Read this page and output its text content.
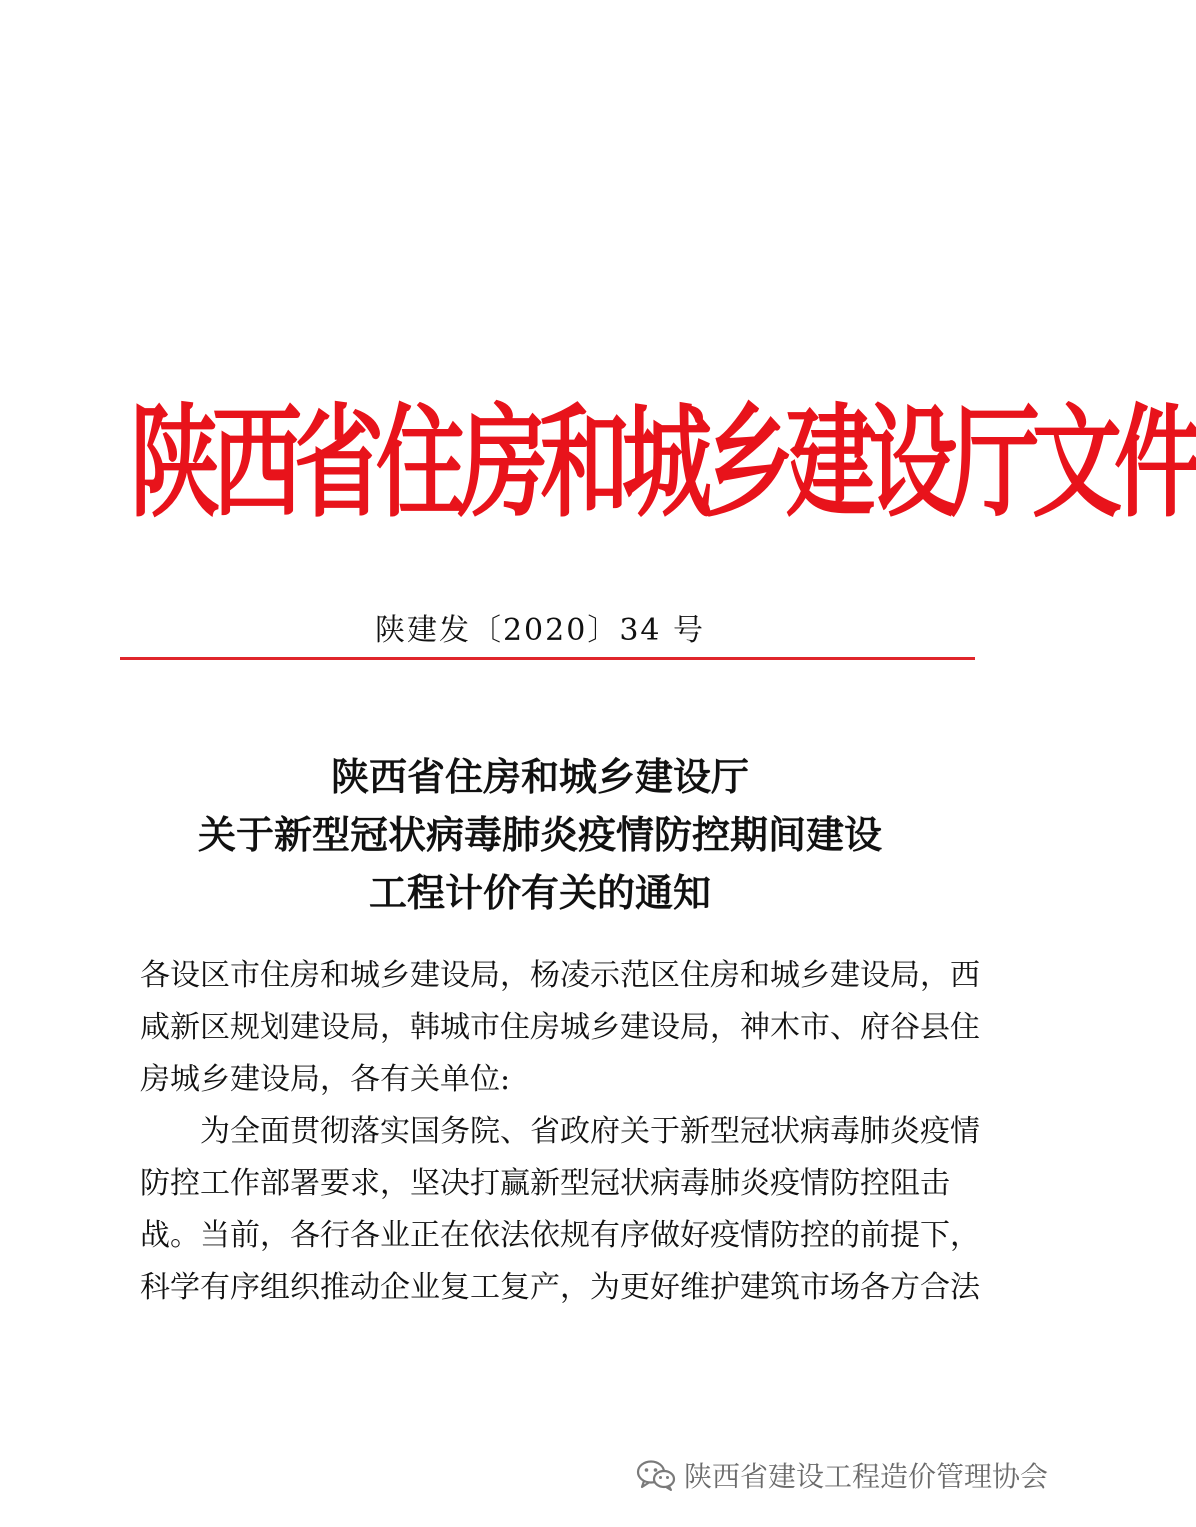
陕西省住房和城乡建设厅文件
陕建发〔2020〕34 号
陕西省住房和城乡建设厅
关于新型冠状病毒肺炎疫情防控期间建设
工程计价有关的通知
各设区市住房和城乡建设局，杨凌示范区住房和城乡建设局，西
咸新区规划建设局，韩城市住房城乡建设局，神木市、府谷县住
房城乡建设局，各有关单位:
为全面贯彻落实国务院、省政府关于新型冠状病毒肺炎疫情
防控工作部署要求，坚决打赢新型冠状病毒肺炎疫情防控阻击
战。当前，各行各业正在依法依规有序做好疫情防控的前提下，
科学有序组织推动企业复工复产，为更好维护建筑市场各方合法
陕西省建设工程造价管理协会
